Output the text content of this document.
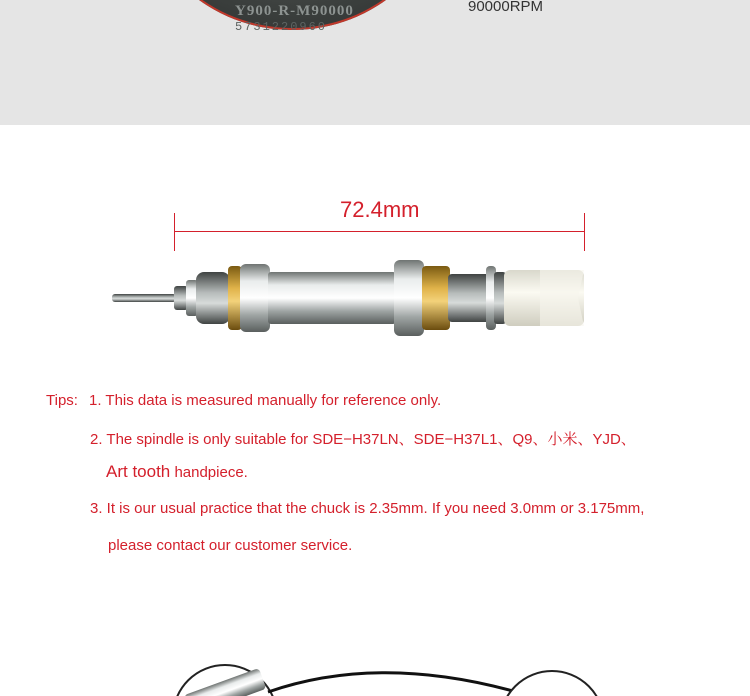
Y900-R-M90000
5731220960
90000RPM
72.4mm
Tips: 1. This data is measured manually for reference only.
2. The spindle is only suitable for SDE−H37LN、SDE−H37L1、Q9、小米、YJD、
Art tooth handpiece.
3. It is our usual practice that the chuck is 2.35mm. If you need 3.0mm or 3.175mm,
please contact our customer service.
